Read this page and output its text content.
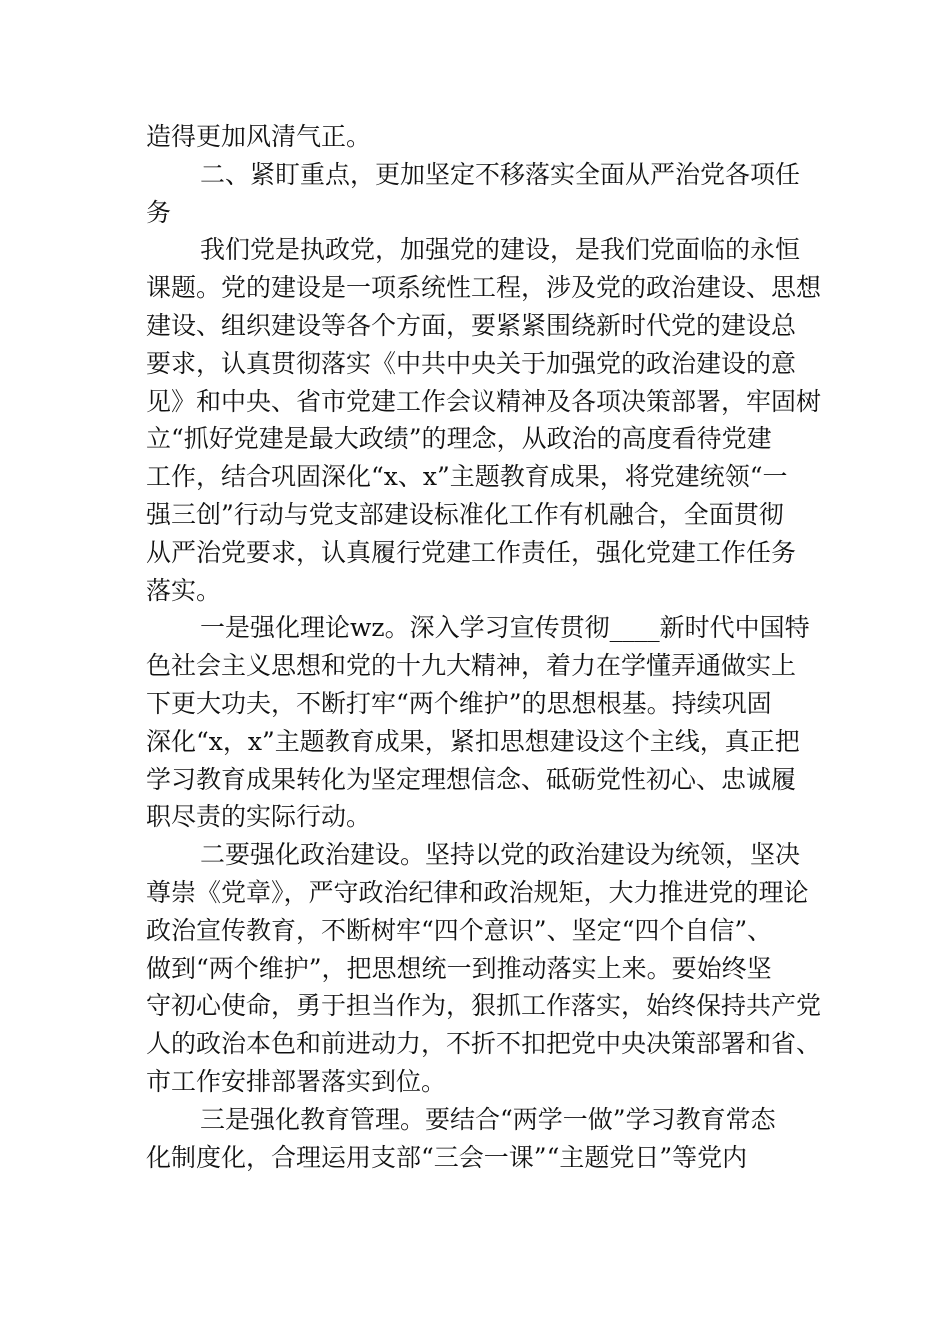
造得更加风清气正。
二、紧盯重点，更加坚定不移落实全面从严治党各项任
务
我们党是执政党，加强党的建设，是我们党面临的永恒
课题。党的建设是一项系统性工程，涉及党的政治建设、思想
建设、组织建设等各个方面，要紧紧围绕新时代党的建设总
要求，认真贯彻落实《中共中央关于加强党的政治建设的意
见》和中央、省市党建工作会议精神及各项决策部署，牢固树
立“抓好党建是最大政绩”的理念，从政治的高度看待党建
工作，结合巩固深化“x、x”主题教育成果，将党建统领“一
强三创”行动与党支部建设标准化工作有机融合，全面贯彻
从严治党要求，认真履行党建工作责任，强化党建工作任务
落实。
一是强化理论wz。深入学习宣传贯彻____新时代中国特
色社会主义思想和党的十九大精神，着力在学懂弄通做实上
下更大功夫，不断打牢“两个维护”的思想根基。持续巩固
深化“x，x”主题教育成果，紧扣思想建设这个主线，真正把
学习教育成果转化为坚定理想信念、砥砺党性初心、忠诚履
职尽责的实际行动。
二要强化政治建设。坚持以党的政治建设为统领，坚决
尊崇《党章》，严守政治纪律和政治规矩，大力推进党的理论
政治宣传教育，不断树牢“四个意识”、坚定“四个自信”、
做到“两个维护”，把思想统一到推动落实上来。要始终坚
守初心使命，勇于担当作为，狠抓工作落实，始终保持共产党
人的政治本色和前进动力，不折不扣把党中央决策部署和省、
市工作安排部署落实到位。
三是强化教育管理。要结合“两学一做”学习教育常态
化制度化，合理运用支部“三会一课”“主题党日”等党内
